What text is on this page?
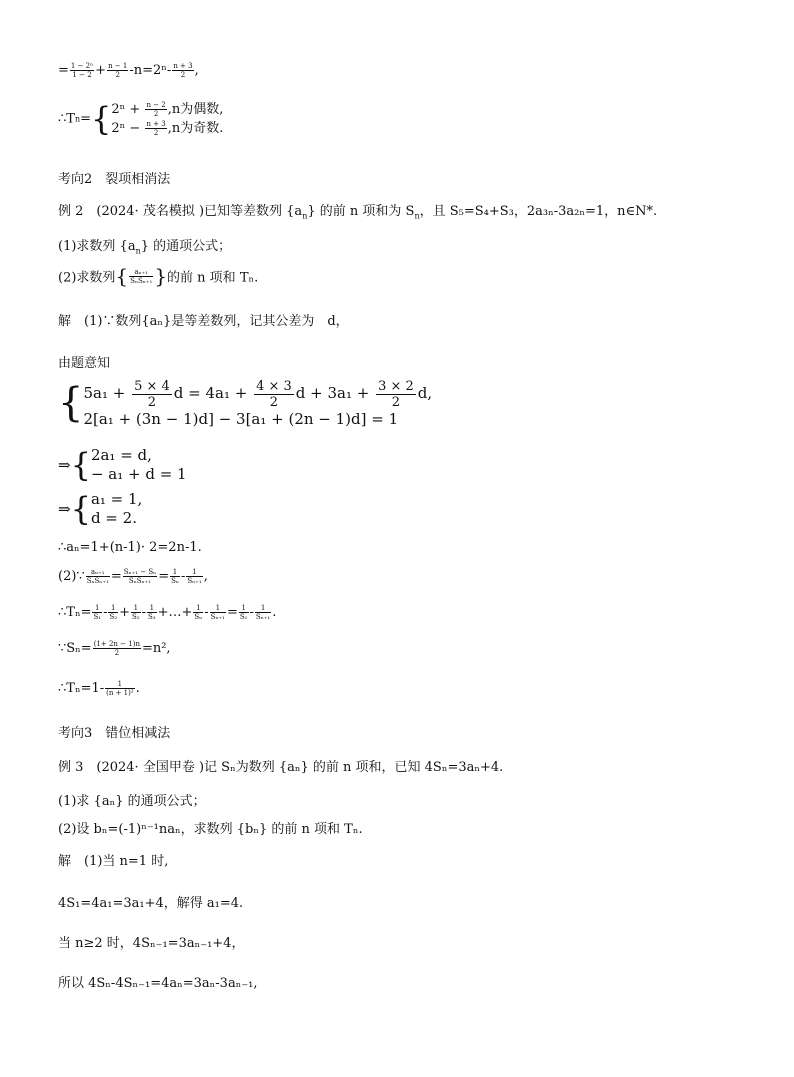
= $\frac{\text{1 − 2ⁿ}}{1 - 2} + \frac{n - 1}{2} -n=2^n- \frac{n + 3}{2}$ ,
∴Tn={ $2^n + \frac{n - 2}{2} ,n$为偶数,
$2^n - \frac{n + 3}{2} ,n$为奇数.
考向2　裂项相消法
例 2　(2024· 茂名模拟 )已知等差数列 $\{a_n\}$ 的前 n 项和为 $S_n$，且 S₅=S₄+S₃，2a₃ₙ-3a₂ₙ=1，n∈N*.
(1)求数列 $\{a_n\}$ 的通项公式；
(2)求数列{ $\frac{\text{aₙ₊₁}}{\text{SₙSₙ₊₁}}$ }的前 n 项和 Tₙ.
解　(1)∵数列{aₙ}是等差数列，记其公差为　d，
由题意知
{ $5a_1 + \frac{5 \times 4}{2}$ $d = 4a_1 + \frac{4 \times 3}{2}$ $d + 3a_1 + \frac{3 \times 2}{2} d$,
2[a₁ + (3n − 1)d] − 3[a₁ + (2n − 1)d] = 1
⇒{ 2a₁ = d,
− a₁ + d = 1
⇒{ a₁ = 1,
d = 2.
∴aₙ=1+(n-1)· 2=2n-1.
(2)∵ $\frac{\text{aₙ₊₁}}{\text{SₙSₙ₊₁}} = \frac{\text{Sₙ₊₁ − Sₙ}}{\text{SₙSₙ₊₁}} = \frac{1}{\text{Sₙ}} - \frac{1}{\text{Sₙ₊₁}}$ ,
∴Tₙ= $\frac{1}{\text{S₁}} - \frac{1}{\text{S₂}} + \frac{1}{\text{S₂}} - \frac{1}{\text{S₃}}$ +…+ $\frac{1}{\text{Sₙ}} - \frac{1}{\text{Sₙ₊₁}} = \frac{1}{\text{S₁}} - \frac{1}{\text{Sₙ₊₁}}$ .
∵Sₙ= $\frac{(1+ 2n - 1)n}{2} =n^2$,
∴Tₙ=1- $\frac{1}{\text{(n + 1)²}}$ .
考向3　错位相减法
例 3　(2024· 全国甲卷 )记 Sₙ为数列 {aₙ} 的前 n 项和，已知 4Sₙ=3aₙ+4.
(1)求 {aₙ} 的通项公式；
(2)设 bₙ=(-1)ⁿ⁻¹naₙ，求数列 {bₙ} 的前 n 项和 Tₙ.
解　(1)当 n=1 时,
4S₁=4a₁=3a₁+4，解得 a₁=4.
当 n≥2 时，4Sₙ₋₁=3aₙ₋₁+4，
所以 4Sₙ-4Sₙ₋₁=4aₙ=3aₙ-3aₙ₋₁,
